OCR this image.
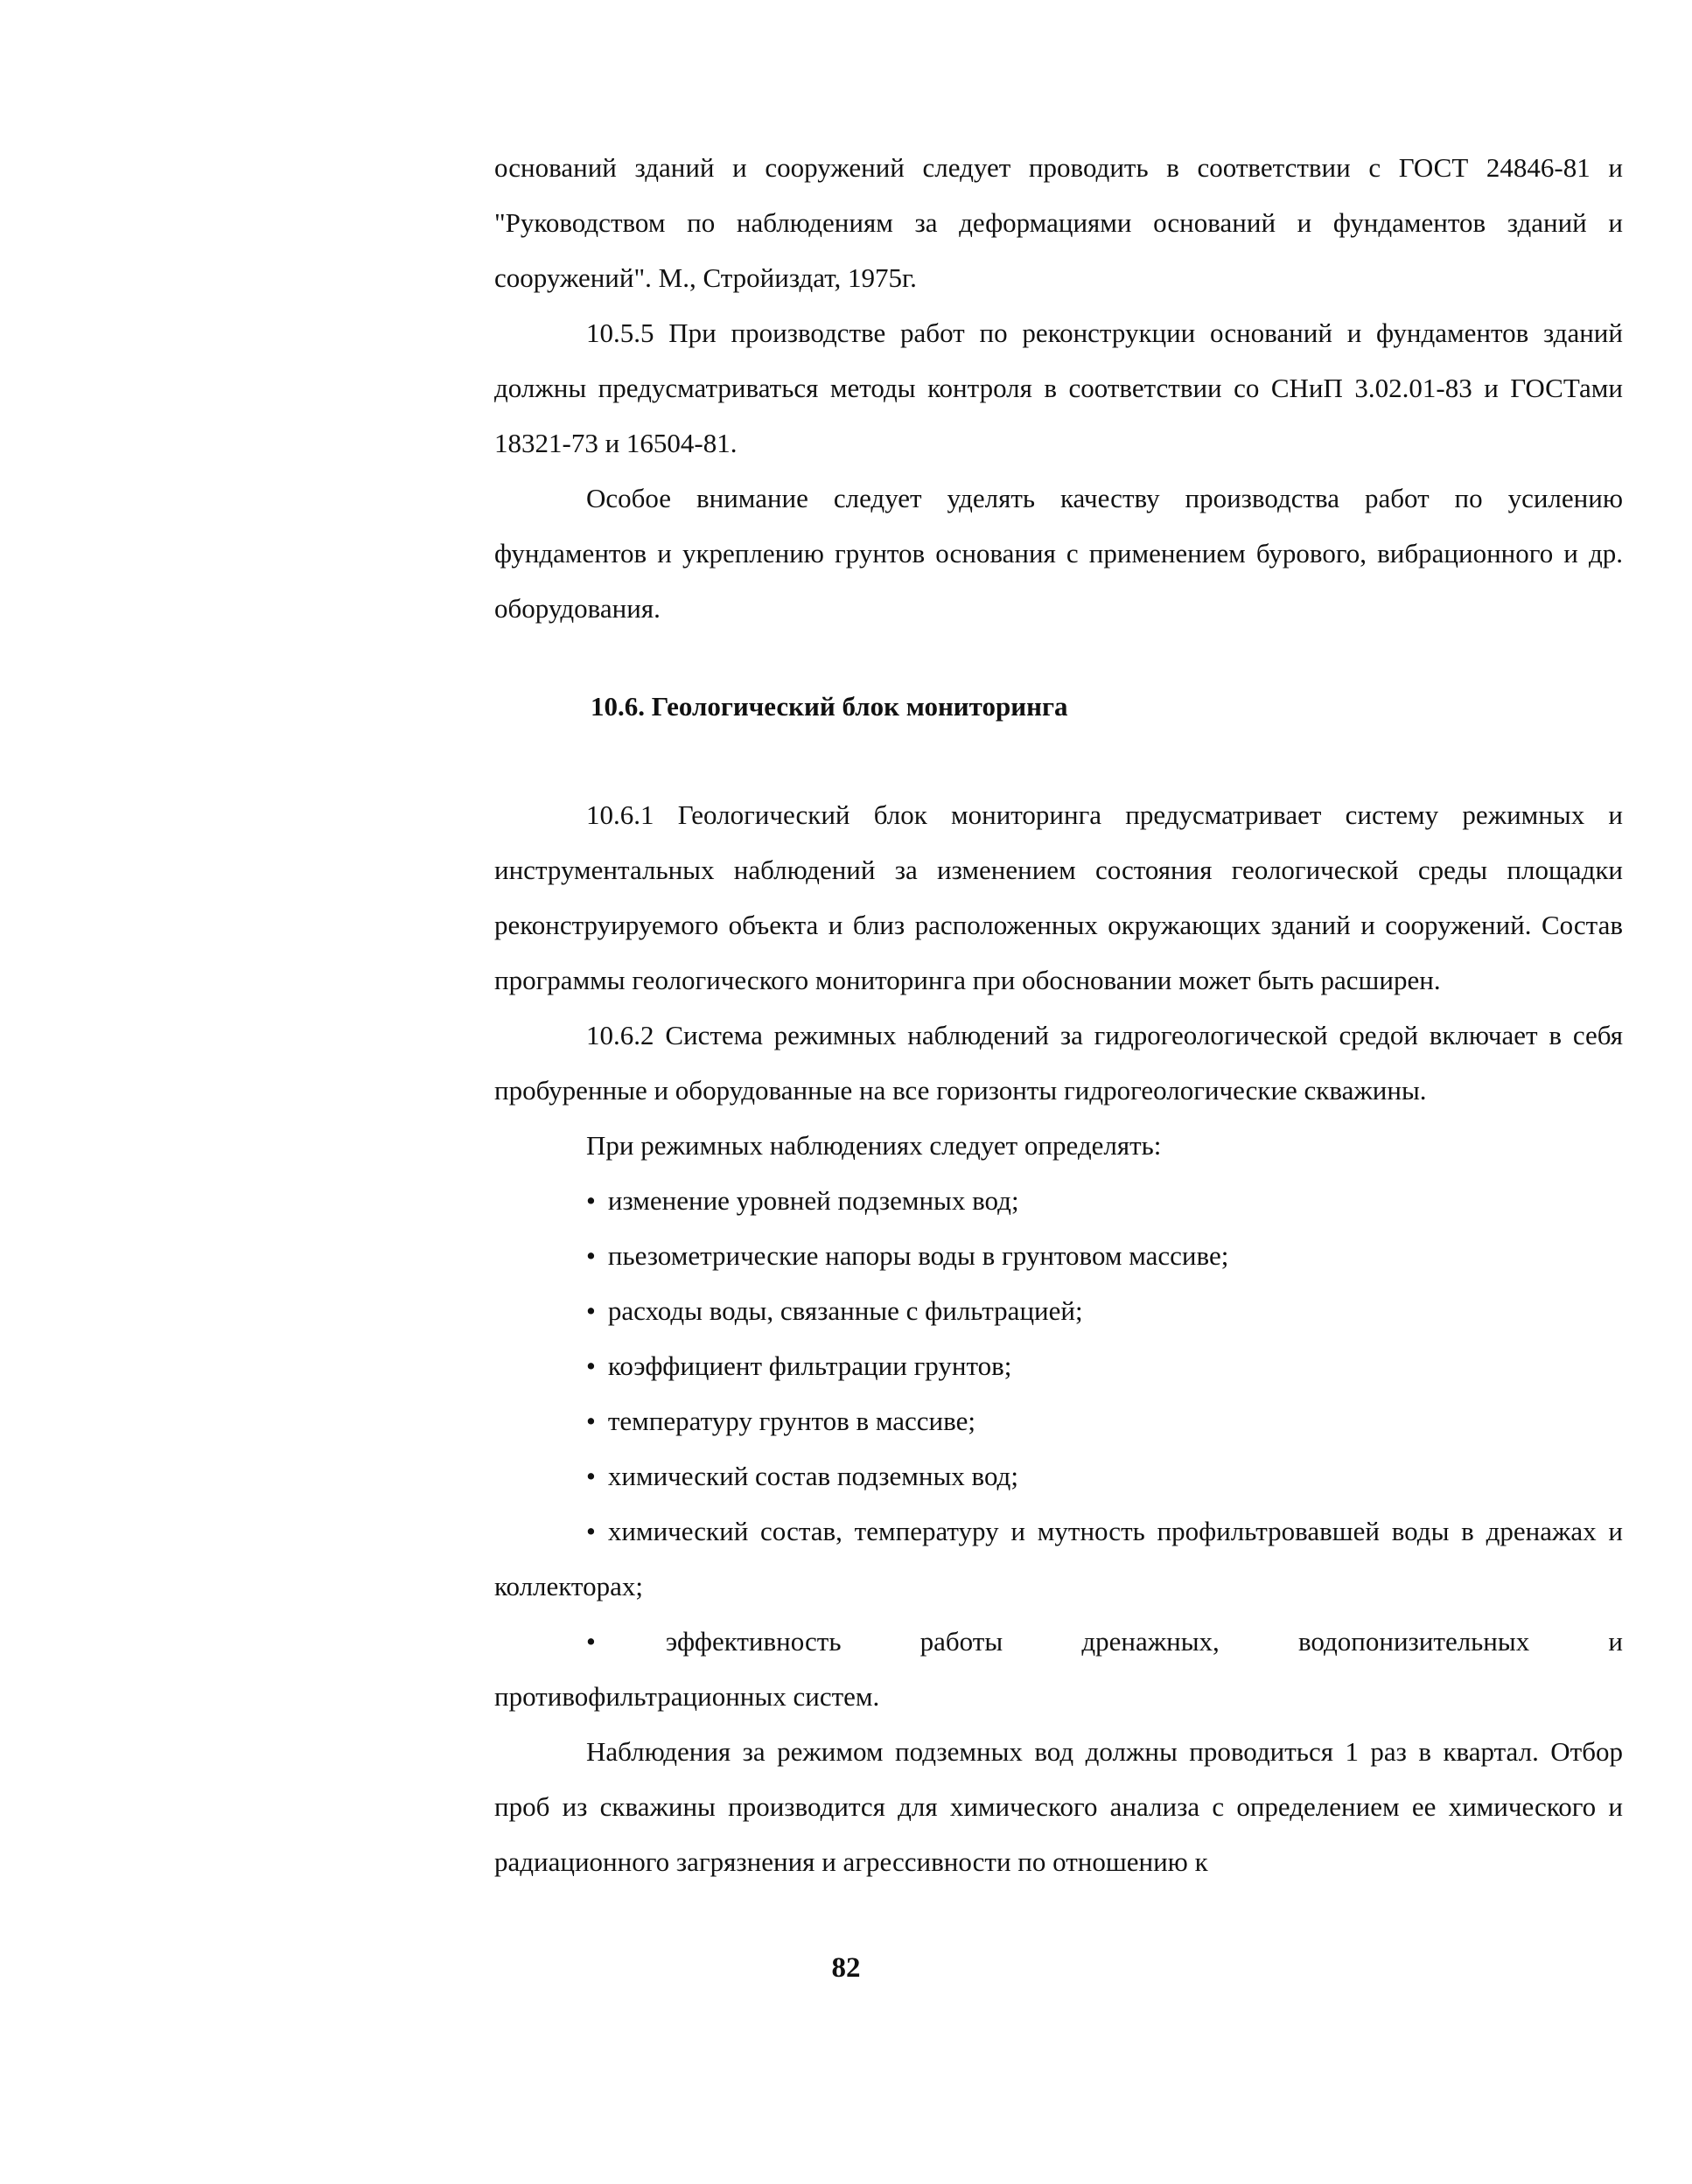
оснований зданий и сооружений следует проводить в соответствии с ГОСТ 24846-81 и "Руководством по наблюдениям за деформациями оснований и фундаментов зданий и сооружений". М., Стройиздат, 1975г.

10.5.5 При производстве работ по реконструкции оснований и фундаментов зданий должны предусматриваться методы контроля в соответствии со СНиП 3.02.01-83 и ГОСТами 18321-73 и 16504-81.

Особое внимание следует уделять качеству производства работ по усилению фундаментов и укреплению грунтов основания с применением бурового, вибрационного и др. оборудования.

10.6. Геологический блок мониторинга

10.6.1 Геологический блок мониторинга предусматривает систему режимных и инструментальных наблюдений за изменением состояния геологической среды площадки реконструируемого объекта и близ расположенных окружающих зданий и сооружений. Состав программы геологического мониторинга при обосновании может быть расширен.

10.6.2 Система режимных наблюдений за гидрогеологической средой включает в себя пробуренные и оборудованные на все горизонты гидрогеологические скважины.

При режимных наблюдениях следует определять:

• изменение уровней подземных вод;

• пьезометрические напоры воды в грунтовом массиве;

• расходы воды, связанные с фильтрацией;

• коэффициент фильтрации грунтов;

• температуру грунтов в массиве;

• химический состав подземных вод;

• химический состав, температуру и мутность профильтровавшей воды в дренажах и коллекторах;

•	эффективность работы дренажных, водопонизительных и противофильтрационных систем.

Наблюдения за режимом подземных вод должны проводиться 1 раз в квартал. Отбор проб из скважины производится для химического анализа с определением ее химического и радиационного загрязнения и агрессивности по отношению к

82
